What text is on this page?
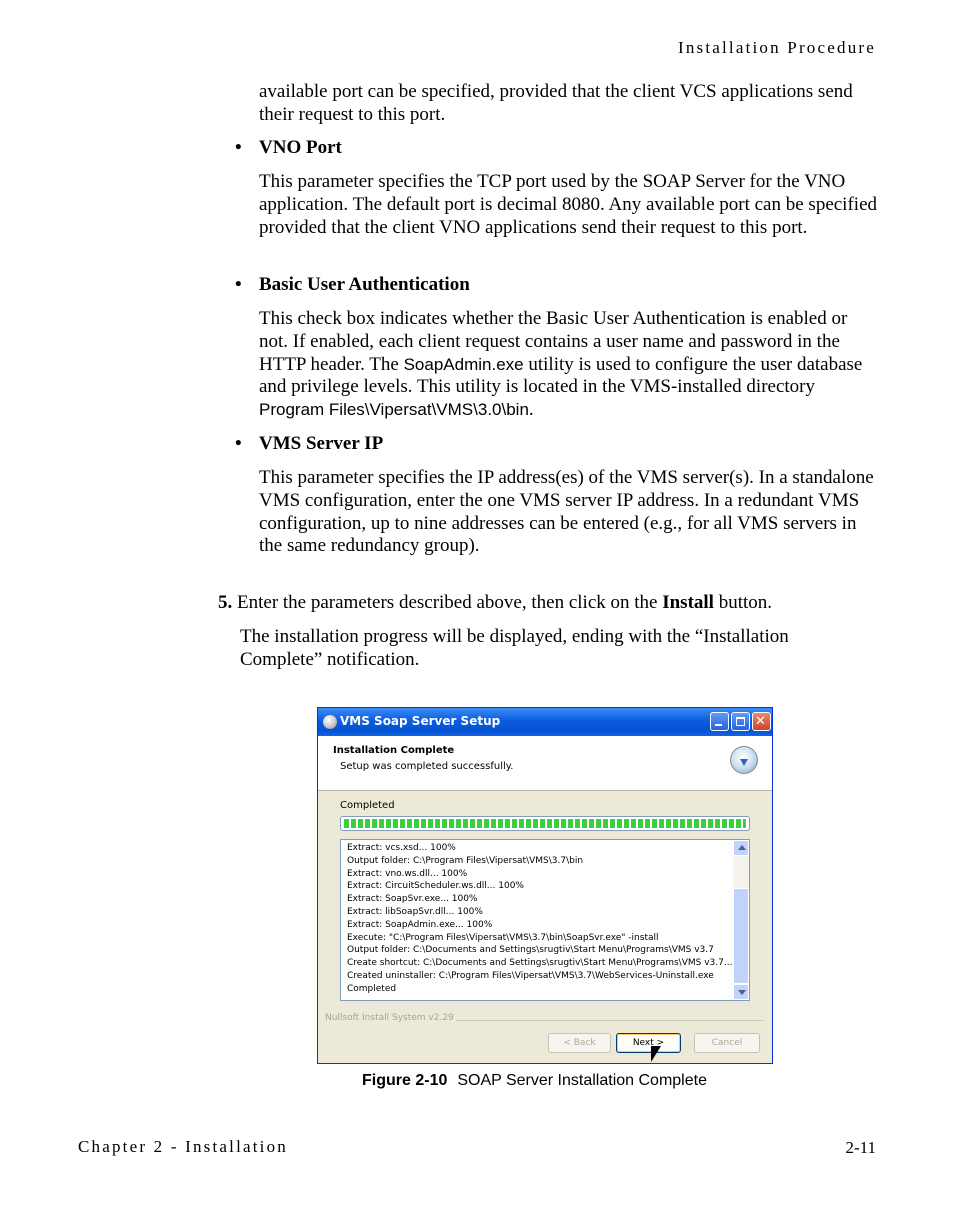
Installation Procedure
available port can be specified, provided that the client VCS applications send their request to this port.
• VNO Port
This parameter specifies the TCP port used by the SOAP Server for the VNO application. The default port is decimal 8080. Any available port can be specified provided that the client VNO applications send their request to this port.
• Basic User Authentication
This check box indicates whether the Basic User Authentication is enabled or not. If enabled, each client request contains a user name and password in the HTTP header. The SoapAdmin.exe utility is used to configure the user database and privilege levels. This utility is located in the VMS-installed directory Program Files\Vipersat\VMS\3.0\bin.
• VMS Server IP
This parameter specifies the IP address(es) of the VMS server(s). In a standalone VMS configuration, enter the one VMS server IP address. In a redundant VMS configuration, up to nine addresses can be entered (e.g., for all VMS servers in the same redundancy group).
5. Enter the parameters described above, then click on the Install button.
The installation progress will be displayed, ending with the “Installation Complete” notification.
VMS Soap Server Setup	✕
Installation Complete
Setup was completed successfully.
Completed
Extract: vcs.xsd... 100%
Output folder: C:\Program Files\Vipersat\VMS\3.7\bin
Extract: vno.ws.dll... 100%
Extract: CircuitScheduler.ws.dll... 100%
Extract: SoapSvr.exe... 100%
Extract: libSoapSvr.dll... 100%
Extract: SoapAdmin.exe... 100%
Execute: "C:\Program Files\Vipersat\VMS\3.7\bin\SoapSvr.exe" -install
Output folder: C:\Documents and Settings\srugtiv\Start Menu\Programs\VMS v3.7
Create shortcut: C:\Documents and Settings\srugtiv\Start Menu\Programs\VMS v3.7...
Created uninstaller: C:\Program Files\Vipersat\VMS\3.7\WebServices-Uninstall.exe
Completed
Nullsoft Install System v2.29
< Back	Next >	Cancel
Figure 2-10 SOAP Server Installation Complete
Chapter 2 - Installation	2-11
